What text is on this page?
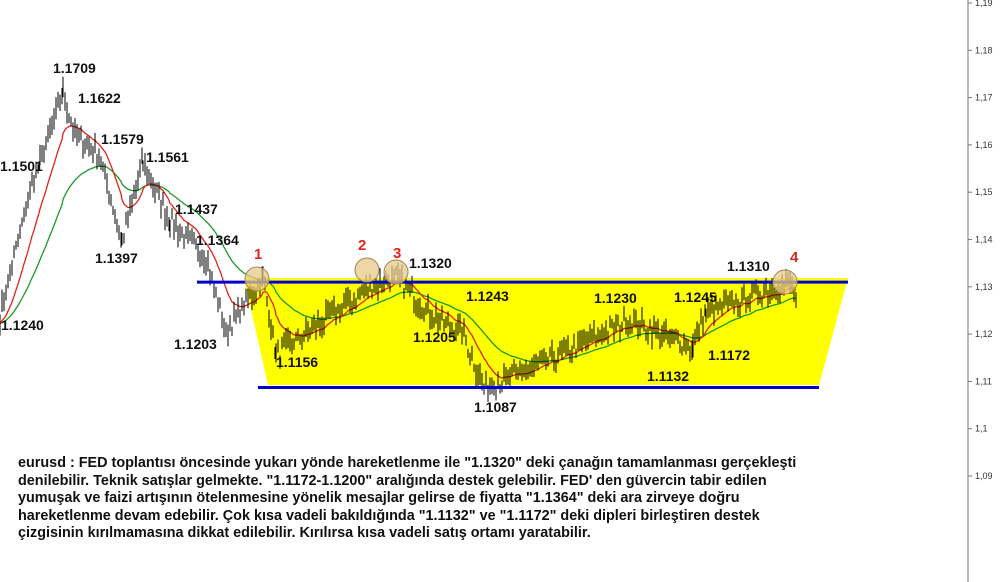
1
2 3	4
1.1709
1.1622
1.1579
1.1561
1.1501
1.1437
1.1397
1.1364
1.1320
1.1243
1.1240
1.1203
1.1156
1.1205
1.1087
1.1230	1.1245
1.1310
1.1172
1.1132
1,19
1,18
1,17
1,16
1,15
1,14
1,13
1,12
1,11
1,1
1,09
eurusd : FED toplantısı öncesinde yukarı yönde hareketlenme ile "1.1320" deki çanağın tamamlanması gerçekleşti
denilebilir. Teknik satışlar gelmekte. "1.1172-1.1200" aralığında destek gelebilir. FED' den güvercin tabir edilen
yumuşak ve faizi artışının ötelenmesine yönelik mesajlar gelirse de fiyatta "1.1364" deki ara zirveye doğru
hareketlenme devam edebilir. Çok kısa vadeli bakıldığında "1.1132" ve "1.1172" deki dipleri birleştiren destek
çizgisinin kırılmamasına dikkat edilebilir. Kırılırsa kısa vadeli satış ortamı yaratabilir.
